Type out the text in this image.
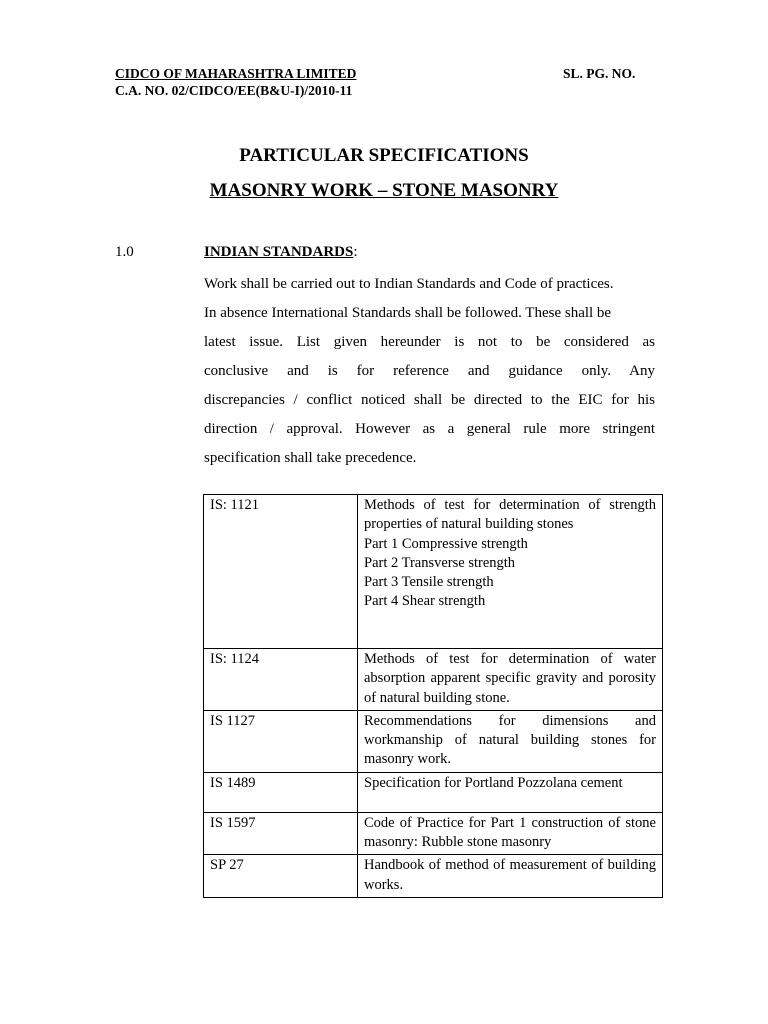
CIDCO OF MAHARASHTRA LIMITED
C.A. NO. 02/CIDCO/EE(B&U-I)/2010-11
SL. PG. NO.
PARTICULAR SPECIFICATIONS
MASONRY WORK – STONE MASONRY
1.0	INDIAN STANDARDS:
Work shall be carried out to Indian Standards and Code of practices.
In absence International Standards shall be followed. These shall be
latest issue. List given hereunder is not to be considered as
conclusive and is for reference and guidance only. Any
discrepancies / conflict noticed shall be directed to the EIC for his
direction / approval. However as a general rule more stringent
specification shall take precedence.
IS: 1121	Methods of test for determination of strength properties of natural building stones
Part 1 Compressive strength
Part 2 Transverse strength
Part 3 Tensile strength
Part 4 Shear strength

IS: 1124	Methods of test for determination of water absorption apparent specific gravity and porosity of natural building stone.
IS 1127	Recommendations for dimensions and workmanship of natural building stones for masonry work.
IS 1489	Specification for Portland Pozzolana cement
IS 1597	Code of Practice for Part 1 construction of stone masonry: Rubble stone masonry
SP 27	Handbook of method of measurement of building works.
